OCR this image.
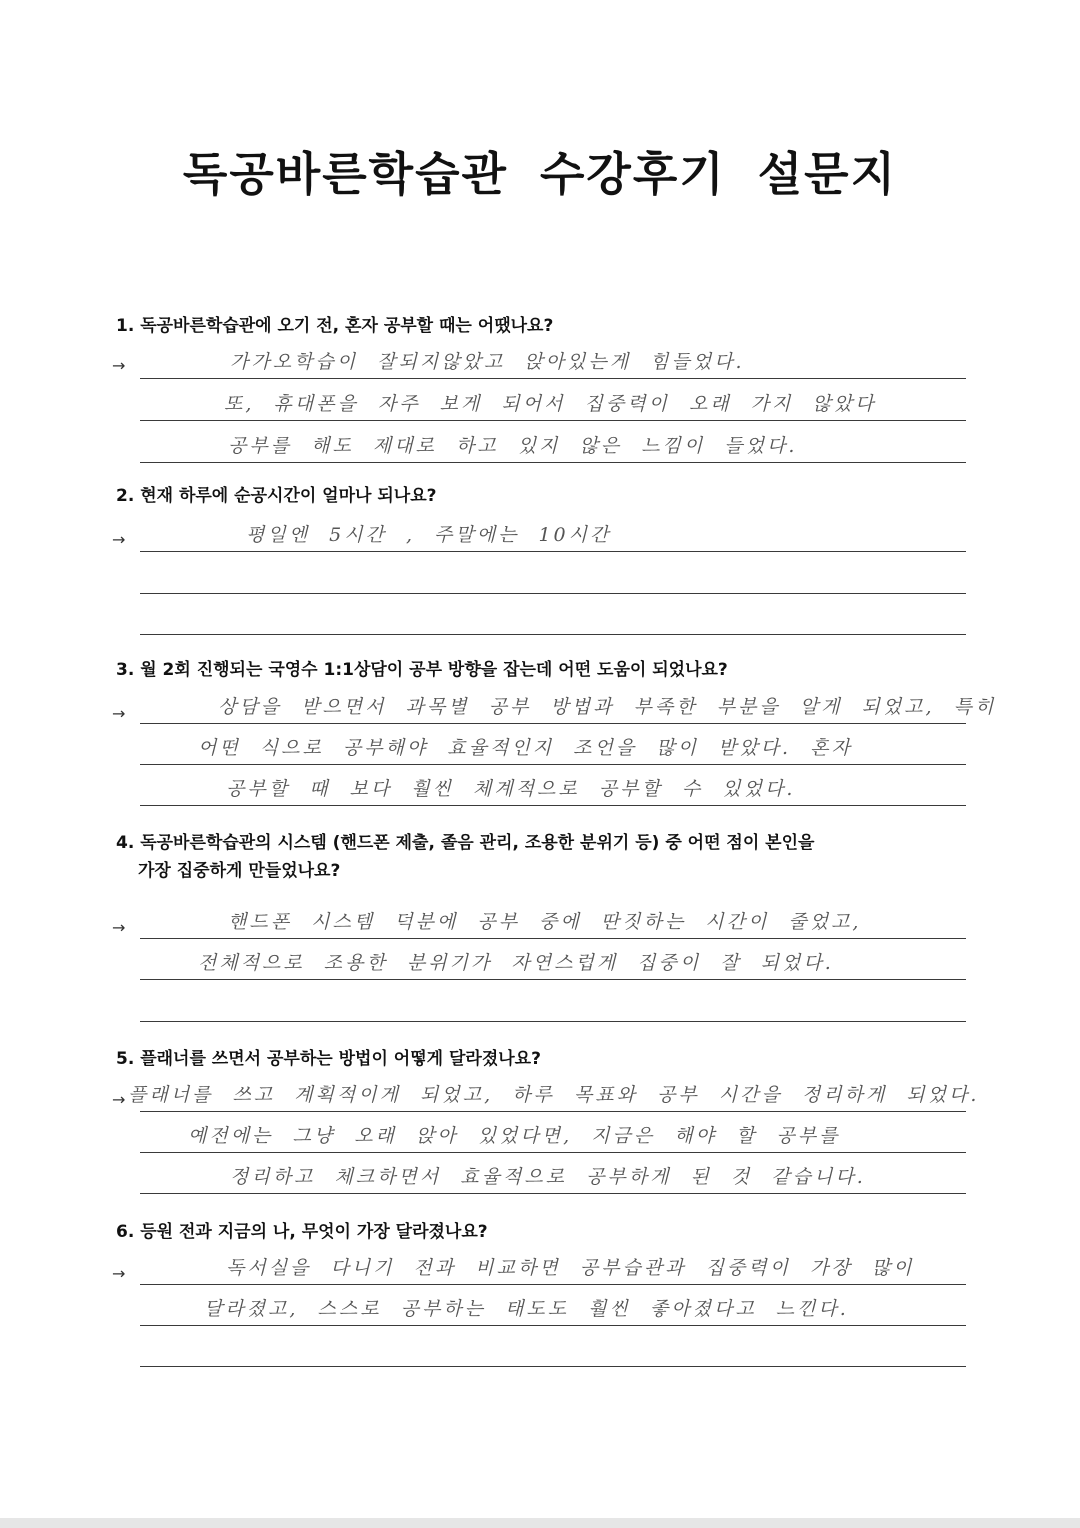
독공바른학습관 수강후기 설문지
1. 독공바른학습관에 오기 전, 혼자 공부할 때는 어땠나요?
→	가가오학습이 잘되지않았고 앉아있는게 힘들었다.
또, 휴대폰을 자주 보게 되어서 집중력이 오래 가지 않았다
공부를 해도 제대로 하고 있지 않은 느낌이 들었다.
2. 현재 하루에 순공시간이 얼마나 되나요?
→	평일엔 5시간 , 주말에는 10시간
3. 월 2회 진행되는 국영수 1:1상담이 공부 방향을 잡는데 어떤 도움이 되었나요?
→	상담을 받으면서 과목별 공부 방법과 부족한 부분을 알게 되었고, 특히
어떤 식으로 공부해야 효율적인지 조언을 많이 받았다. 혼자
공부할 때 보다 훨씬 체계적으로 공부할 수 있었다.
4. 독공바른학습관의 시스템 (핸드폰 제출, 졸음 관리, 조용한 분위기 등) 중 어떤 점이 본인을
가장 집중하게 만들었나요?
→	핸드폰 시스템 덕분에 공부 중에 딴짓하는 시간이 줄었고,
전체적으로 조용한 분위기가 자연스럽게 집중이 잘 되었다.
5. 플래너를 쓰면서 공부하는 방법이 어떻게 달라졌나요?
→ 플래너를 쓰고 계획적이게 되었고, 하루 목표와 공부 시간을 정리하게 되었다.
예전에는 그냥 오래 앉아 있었다면, 지금은 해야 할 공부를
정리하고 체크하면서 효율적으로 공부하게 된 것 같습니다.
6. 등원 전과 지금의 나, 무엇이 가장 달라졌나요?
→	독서실을 다니기 전과 비교하면 공부습관과 집중력이 가장 많이
달라졌고, 스스로 공부하는 태도도 훨씬 좋아졌다고 느낀다.
